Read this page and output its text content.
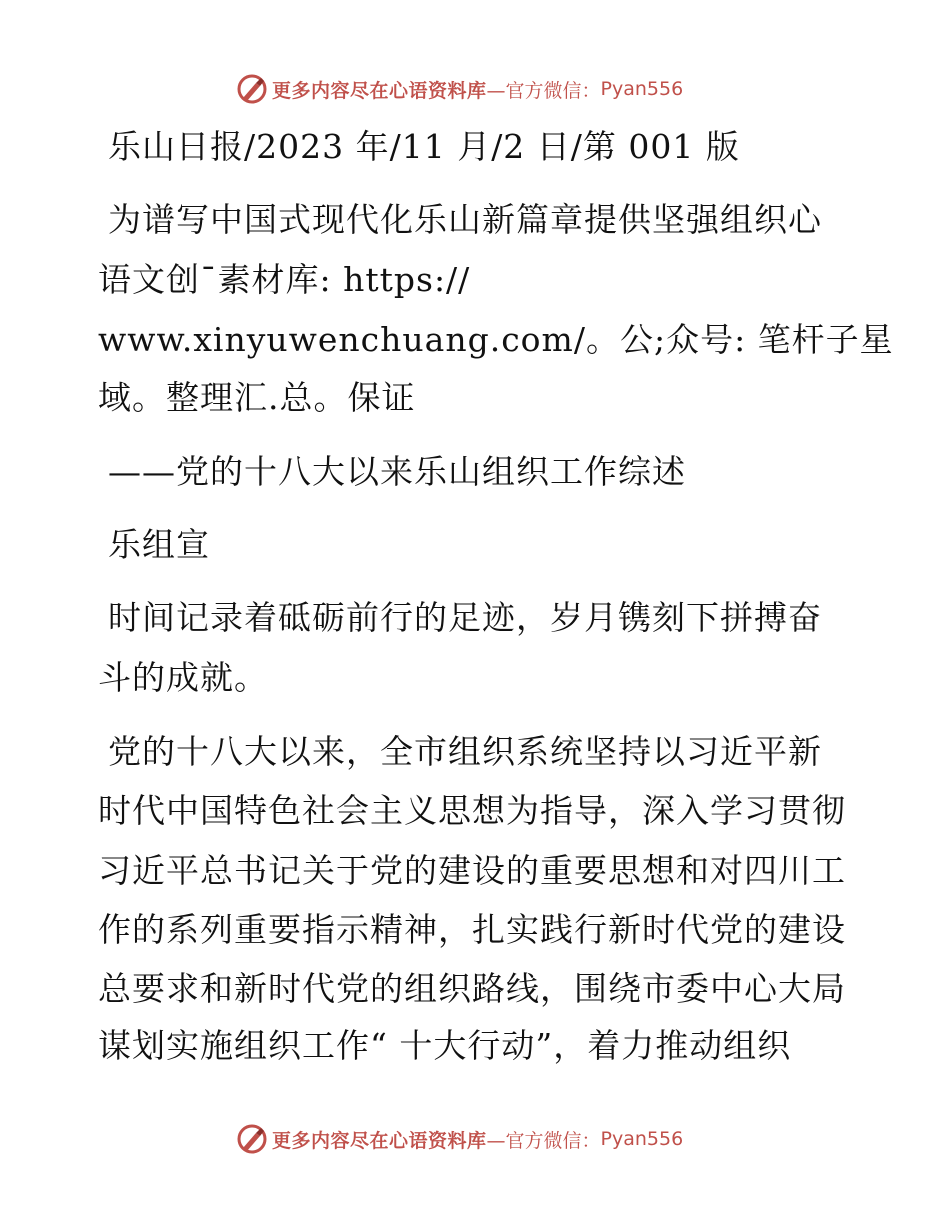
更多内容尽在心语资料库 —官方微信： Pyan556
乐山日报/2023 年/11 月/2 日/第 001 版
为谱写中国式现代化乐山新篇章提供坚强组织心
语文创¯素材库: https://
www.xinyuwenchuang.com/。公;众号: 笔杆子星
域。整理汇.总。保证
——党的十八大以来乐山组织工作综述
乐组宣
时间记录着砥砺前行的足迹，岁月镌刻下拼搏奋
斗的成就。
党的十八大以来，全市组织系统坚持以习近平新
时代中国特色社会主义思想为指导，深入学习贯彻
习近平总书记关于党的建设的重要思想和对四川工
作的系列重要指示精神，扎实践行新时代党的建设
总要求和新时代党的组织路线，围绕市委中心大局
谋划实施组织工作“ 十大行动”，着力推动组织
更多内容尽在心语资料库 —官方微信： Pyan556
